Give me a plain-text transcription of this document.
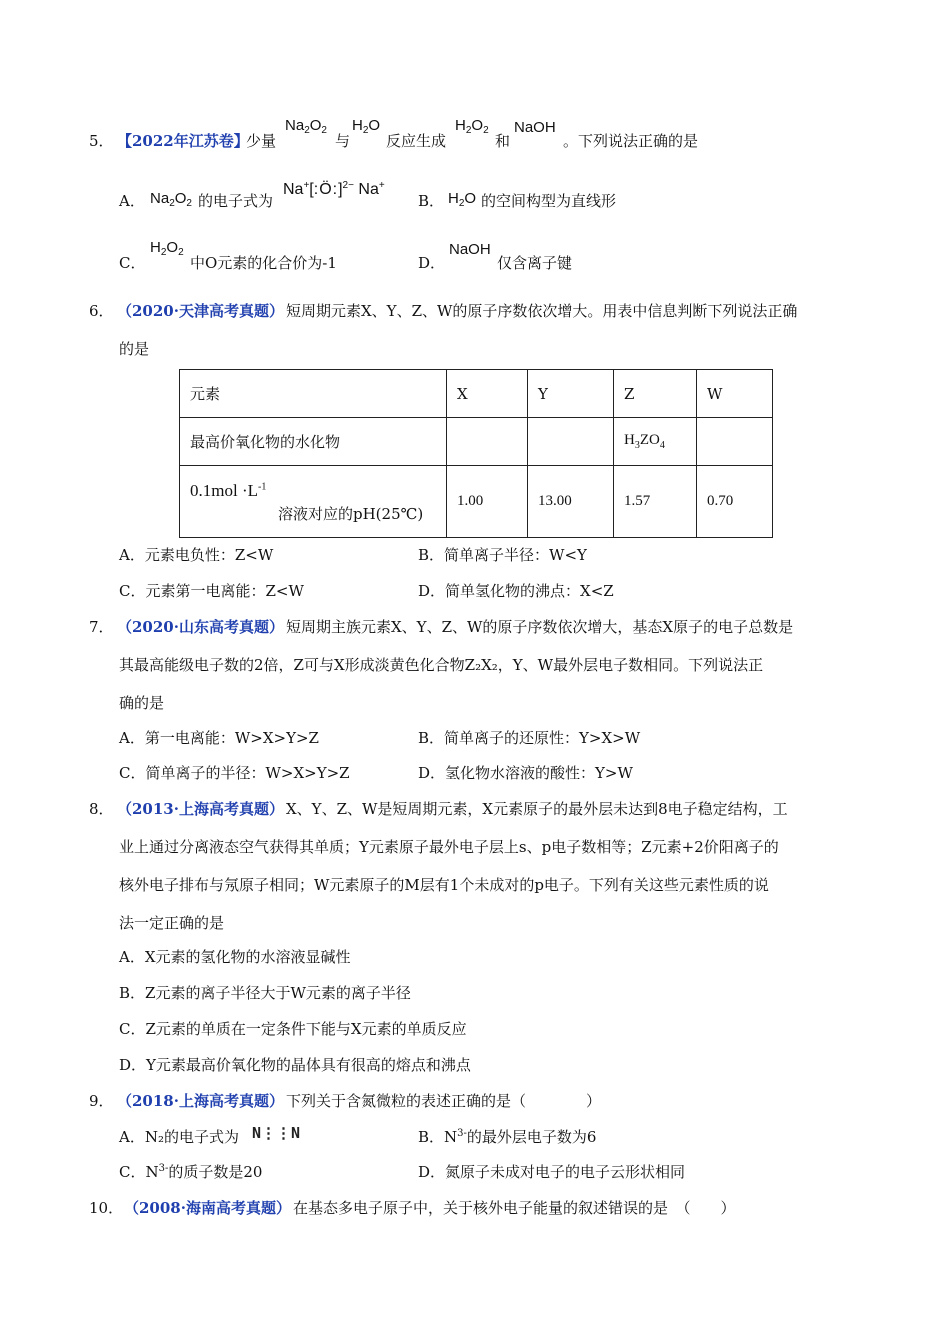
5． 【2022年江苏卷】
少量
$Na_2O_2$
与
$H_2O$
反应生成
$H_2O_2$
和
NaOH
。下列说法正确的是
A． $Na_2O_2$ 的电子式为
Na+[:Ö:]$^{2-}$ Na+
B． $H_2O$ 的空间构型为直线形
C．
$H_2O_2$
中O元素的化合价为-1	D．
NaOH
仅含离子键
6． （2020·天津高考真题） 短周期元素X、Y、Z、W的原子序数依次增大。用表中信息判断下列说法正确
的是
元素	X	Y	Z	W
最高价氧化物的水化物			$H_3ZO_4$	

$0.1mol \cdot L^{-1}$
溶液对应的pH(25℃)	1.00	13.00	1.57	0.70
A．元素电负性：Z<W	B．简单离子半径：W<Y
C．元素第一电离能：Z<W	D．简单氢化物的沸点：X<Z
7． （2020·山东高考真题） 短周期主族元素X、Y、Z、W的原子序数依次增大，基态X原子的电子总数是
其最高能级电子数的2倍，Z可与X形成淡黄色化合物Z₂X₂，Y、W最外层电子数相同。下列说法正
确的是
A．第一电离能：W>X>Y>Z	B．简单离子的还原性：Y>X>W
C．简单离子的半径：W>X>Y>Z	D．氢化物水溶液的酸性：Y>W
8． （2013·上海高考真题） X、Y、Z、W是短周期元素，X元素原子的最外层未达到8电子稳定结构，工
业上通过分离液态空气获得其单质；Y元素原子最外电子层上s、p电子数相等；Z元素+2价阳离子的
核外电子排布与氖原子相同；W元素原子的M层有1个未成对的p电子。下列有关这些元素性质的说
法一定正确的是
A．X元素的氢化物的水溶液显碱性
B．Z元素的离子半径大于W元素的离子半径
C．Z元素的单质在一定条件下能与X元素的单质反应
D．Y元素最高价氧化物的晶体具有很高的熔点和沸点
9． （2018·上海高考真题） 下列关于含氮微粒的表述正确的是（　　　　）
A．N₂的电子式为 N⋮⋮N	B．$N^{3-}$的最外层电子数为6
C．$N^{3-}$的质子数是20	D．氮原子未成对电子的电子云形状相同
10． （2008·海南高考真题） 在基态多电子原子中，关于核外电子能量的叙述错误的是　（　　）
